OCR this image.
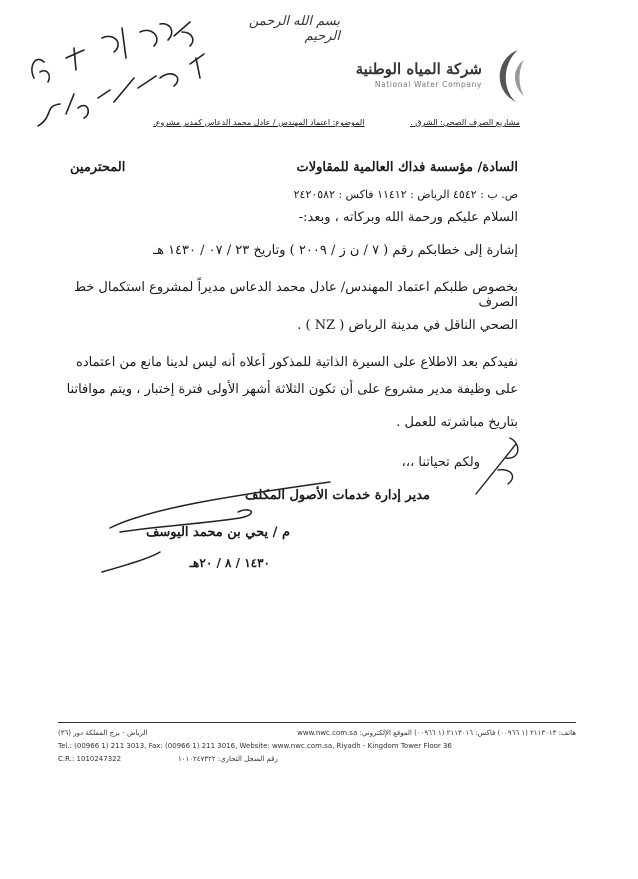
بسم الله الرحمن الرحيم
شركة المياه الوطنية
National Water Company
مشاريع الصرف الصحي: الشرق .                  الموضوع: اعتماد المهندس / عادل محمد الدعاس كمدير مشروع.
السادة/ مؤسسة فداك العالمية للمقاولات
المحترمين
ص. ب : ٤٥٤٢ الرياض : ١١٤١٢ فاكس : ٢٤٢٠٥٨٢
السلام عليكم ورحمة الله وبركاته ، وبعد:-
إشارة إلى خطابكم رقم ( ٧ / ن ز / ٢٠٠٩ ) وتاريخ ٢٣ / ٠٧ / ١٤٣٠ هـ
بخصوص طلبكم اعتماد المهندس/ عادل محمد الدعاس مديراً لمشروع استكمال خط الصرف
الصحي الناقل في مدينة الرياض ( NZ ) .
نفيدكم بعد الاطلاع على السيرة الذاتية للمذكور أعلاه أنه ليس لدينا مانع من اعتماده
على وظيفة مدير مشروع على أن تكون الثلاثة أشهر الأولى فترة إختبار ، ويتم موافاتنا
بتاريخ مباشرته للعمل .
ولكم تحياتنا ،،،
مدير إدارة خدمات الأصول المكلف
م / يحي بن محمد اليوسف
١٤٣٠ / ٨ / ٢٠هـ
هاتف: ٢١١٣٠١٣ (١ ٠٠٩٦٦) فاكس: ٢١١٣٠١٦ (١ ٠٠٩٦٦) الموقع الإلكتروني: www.nwc.com.sa
الرياض - برج المملكة دور (٣٦)
Tel.: (00966 1) 211 3013, Fax: (00966 1) 211 3016, Website: www.nwc.com.sa, Riyadh - Kingdom Tower Floor 36
C.R.: 1010247322	رقم السجل التجاري: ١٠١٠٢٤٧٣٢٢
